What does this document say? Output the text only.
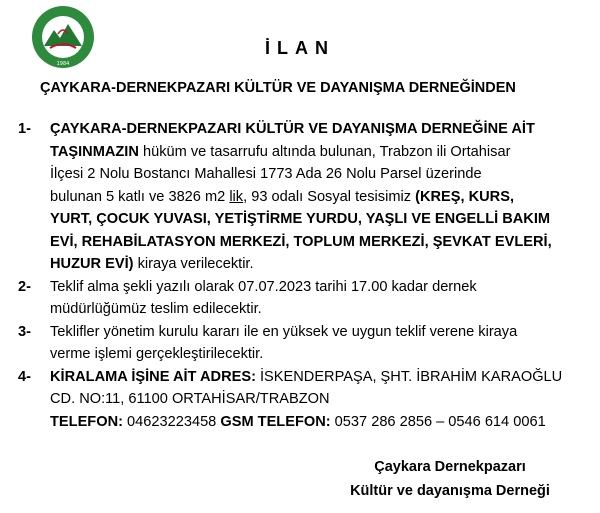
1984
İLAN
ÇAYKARA-DERNEKPAZARI KÜLTÜR VE DAYANIŞMA DERNEĞİNDEN
1-	ÇAYKARA-DERNEKPAZARI KÜLTÜR VE DAYANIŞMA DERNEĞİNE AİT
TAŞINMAZIN hüküm ve tasarrufu altında bulunan, Trabzon ili Ortahisar
İlçesi 2 Nolu Bostancı Mahallesi 1773 Ada 26 Nolu Parsel üzerinde
bulunan 5 katlı ve 3826 m2 lik, 93 odalı Sosyal tesisimiz (KREŞ, KURS,
YURT, ÇOCUK YUVASI, YETİŞTİRME YURDU, YAŞLI VE ENGELLİ BAKIM
EVİ, REHABİLATASYON MERKEZİ, TOPLUM MERKEZİ, ŞEVKAT EVLERİ,
HUZUR EVİ) kiraya verilecektir.
2-	Teklif alma şekli yazılı olarak 07.07.2023 tarihi 17.00 kadar dernek
müdürlüğümüz teslim edilecektir.
3-	Teklifler yönetim kurulu kararı ile en yüksek ve uygun teklif verene kiraya
verme işlemi gerçekleştirilecektir.
4-	KİRALAMA İŞİNE AİT ADRES: İSKENDERPAŞA, ŞHT. İBRAHİM KARAOĞLU
CD. NO:11, 61100 ORTAHİSAR/TRABZON
TELEFON: 04623223458 GSM TELEFON: 0537 286 2856 – 0546 614 0061
Çaykara Dernekpazarı
Kültür ve dayanışma Derneği
